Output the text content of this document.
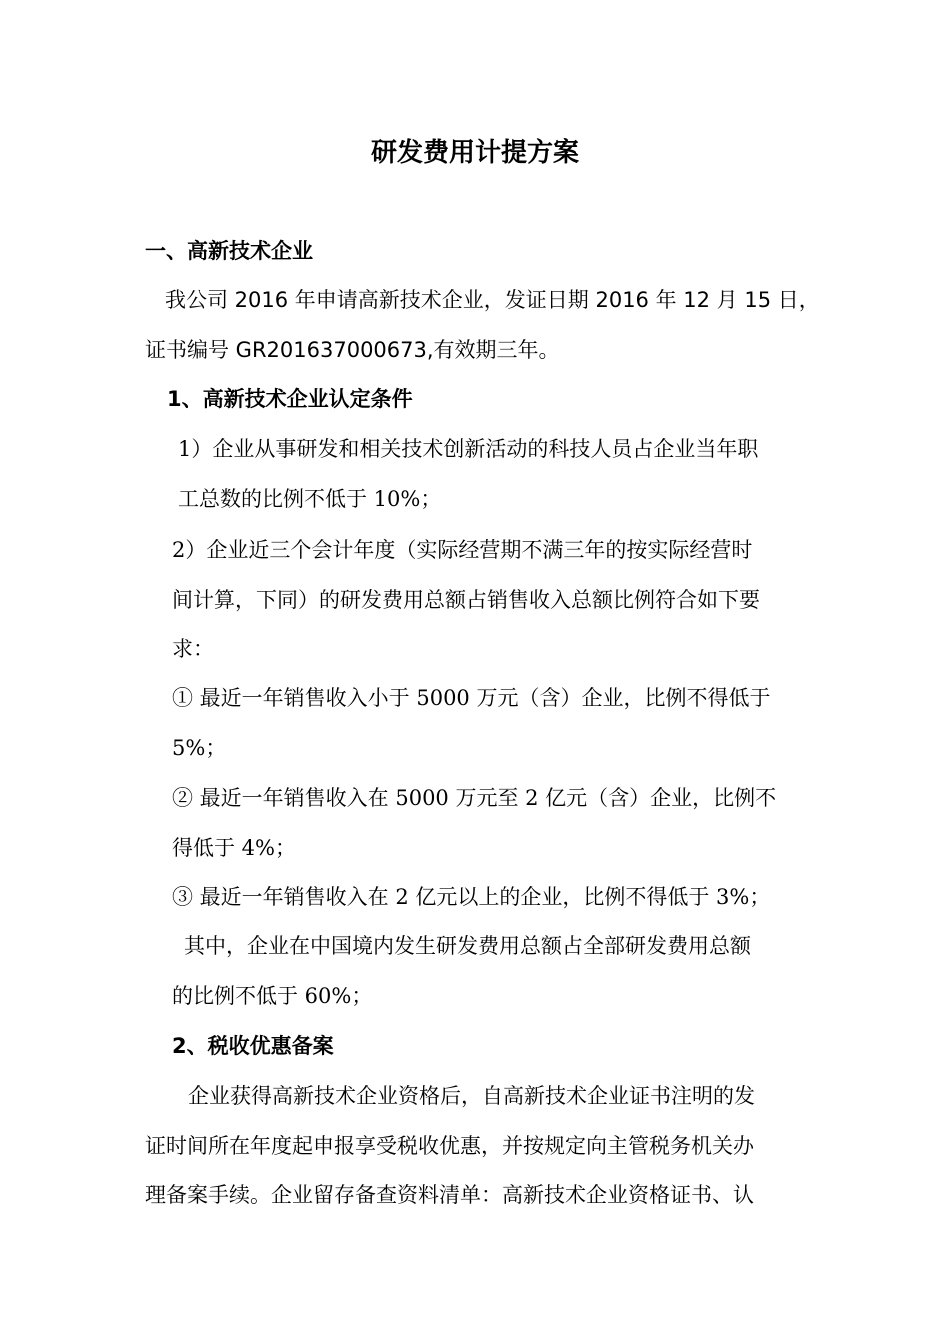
研发费用计提方案
一、高新技术企业
我公司 2016 年申请高新技术企业，发证日期 2016 年 12 月 15 日，
证书编号 GR201637000673,有效期三年。
1、高新技术企业认定条件
1）企业从事研发和相关技术创新活动的科技人员占企业当年职
工总数的比例不低于 10%；
2）企业近三个会计年度（实际经营期不满三年的按实际经营时
间计算，下同）的研发费用总额占销售收入总额比例符合如下要
求：
① 最近一年销售收入小于 5000 万元（含）企业，比例不得低于
5%；
② 最近一年销售收入在 5000 万元至 2 亿元（含）企业，比例不
得低于 4%；
③ 最近一年销售收入在 2 亿元以上的企业，比例不得低于 3%；
其中，企业在中国境内发生研发费用总额占全部研发费用总额
的比例不低于 60%；
2、税收优惠备案
企业获得高新技术企业资格后，自高新技术企业证书注明的发
证时间所在年度起申报享受税收优惠，并按规定向主管税务机关办
理备案手续。企业留存备查资料清单：高新技术企业资格证书、认
